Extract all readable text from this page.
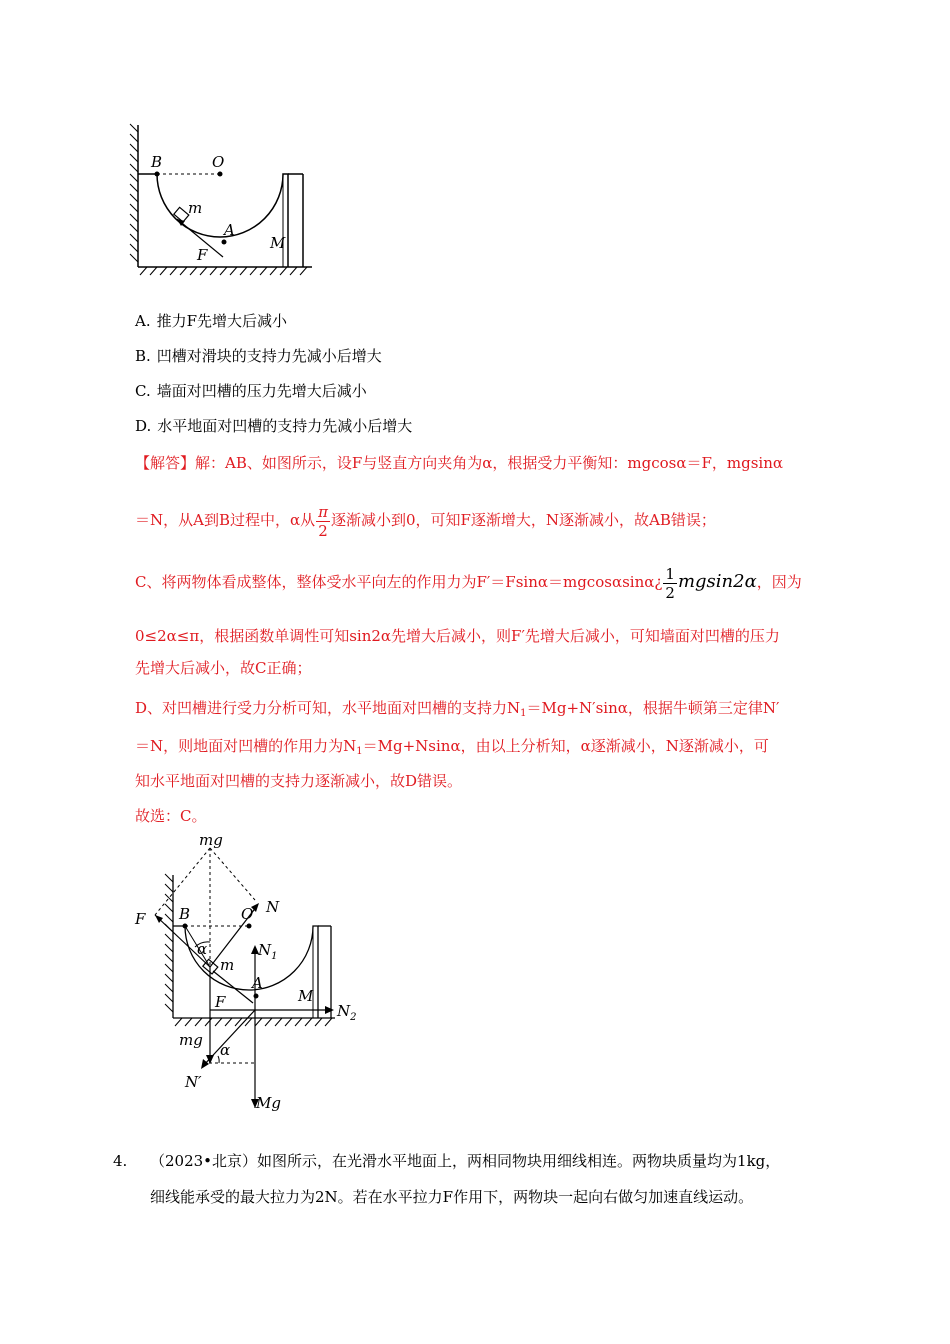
B	O
m
A
M
F
A. 推力F先增大后减小
B. 凹槽对滑块的支持力先减小后增大
C. 墙面对凹槽的压力先增大后减小
D. 水平地面对凹槽的支持力先减小后增大
【解答】解：AB、如图所示，设F与竖直方向夹角为α，根据受力平衡知：mgcosα＝F，mgsinα
＝N，从A到B过程中，α从 $\frac{\pi}{2}$ 逐渐减小到0，可知F逐渐增大，N逐渐减小，故AB错误；
C、将两物体看成整体，整体受水平向左的作用力为F′＝Fsinα＝mgcosαsinα¿ $\frac{1}{2} mgsin2\alpha$，因为
0≤2α≤π，根据函数单调性可知sin2α先增大后减小，则F′先增大后减小，可知墙面对凹槽的压力
先增大后减小，故C正确；
D、对凹槽进行受力分析可知，水平地面对凹槽的支持力$N_1=Mg+N'\sin\alpha$，根据牛顿第三定律N′
＝N，则地面对凹槽的作用力为$N_1=Mg+Nsin\alpha$，由以上分析知，α逐渐减小，N逐渐减小，可
知水平地面对凹槽的支持力逐渐减小，故D错误。
故选：C。
mg
F B	O N
α	$N_1$
m
A
M
$N_2$
F
mg
α
N′
Mg
4. （2023•北京）如图所示，在光滑水平地面上，两相同物块用细线相连。两物块质量均为1kg，
细线能承受的最大拉力为2N。若在水平拉力F作用下，两物块一起向右做匀加速直线运动。
